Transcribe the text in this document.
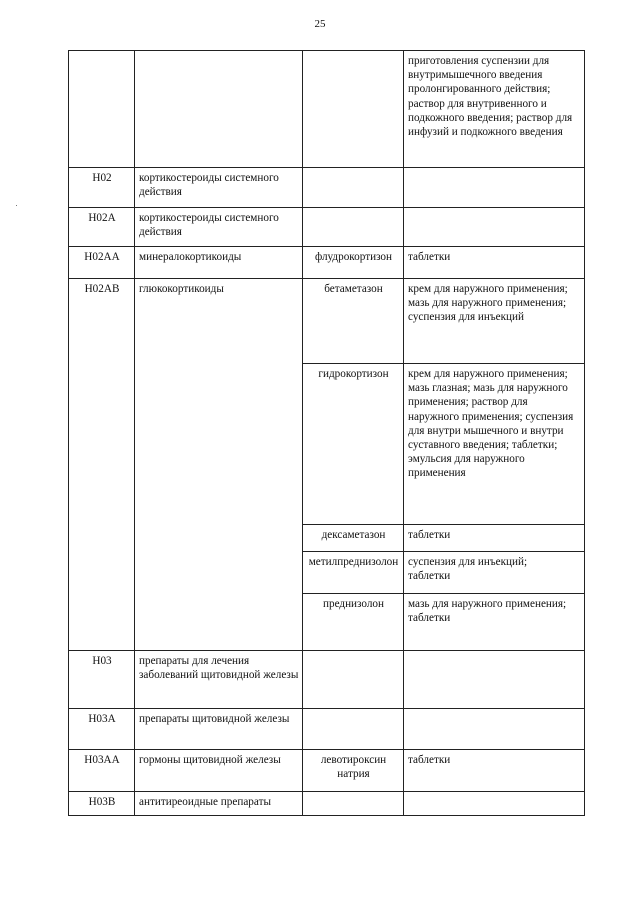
25

			приготовления суспензии для внутримышечного введения пролонгированного действия; раствор для внутривенного и подкожного введения; раствор для инфузий и подкожного введения

H02	кортикостероиды системного действия		
H02A	кортикостероиды системного действия		
H02AA	минералокортикоиды	флудрокортизон	таблетки

H02AB	глюкокортикоиды	бетаметазон	крем для наружного применения;
мазь для наружного применения;
суспензия для инъекций

		гидрокортизон	крем для наружного применения; мазь глазная; мазь для наружного применения; раствор для наружного применения; суспензия для внутри мышечного и внутри суставного введения; таблетки; эмульсия для наружного применения

		дексаметазон	таблетки

		метилпреднизолон	суспензия для инъекций;
таблетки

		преднизолон	мазь для наружного применения;
таблетки

H03	препараты для лечения заболеваний щитовидной железы		
H03A	препараты щитовидной железы		
H03AA	гормоны щитовидной железы	левотироксин натрия	таблетки

H03B	антитиреоидные препараты		
